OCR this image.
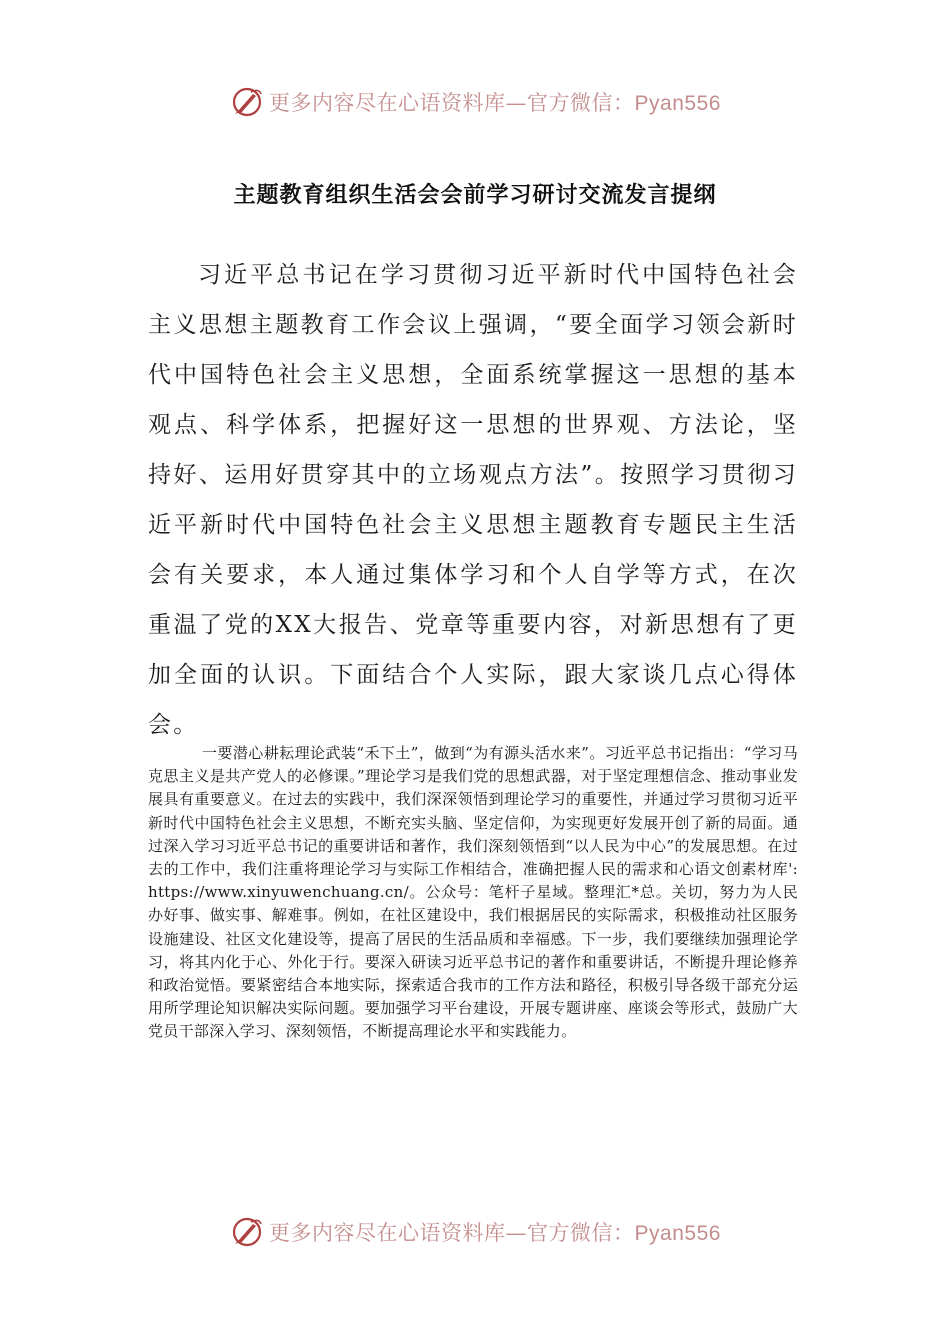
更多内容尽在心语资料库—官方微信：Pyan556
主题教育组织生活会会前学习研讨交流发言提纲

习近平总书记在学习贯彻习近平新时代中国特色社会主义思想主题教育工作会议上强调，“要全面学习领会新时代中国特色社会主义思想，全面系统掌握这一思想的基本观点、科学体系，把握好这一思想的世界观、方法论，坚持好、运用好贯穿其中的立场观点方法”。按照学习贯彻习近平新时代中国特色社会主义思想主题教育专题民主生活会有关要求，本人通过集体学习和个人自学等方式，在次重温了党的XX大报告、党章等重要内容，对新思想有了更加全面的认识。下面结合个人实际，跟大家谈几点心得体会。

一要潜心耕耘理论武装“禾下土”，做到“为有源头活水来”。习近平总书记指出：“学习马克思主义是共产党人的必修课。”理论学习是我们党的思想武器，对于坚定理想信念、推动事业发展具有重要意义。在过去的实践中，我们深深领悟到理论学习的重要性，并通过学习贯彻习近平新时代中国特色社会主义思想，不断充实头脑、坚定信仰，为实现更好发展开创了新的局面。通过深入学习习近平总书记的重要讲话和著作，我们深刻领悟到“以人民为中心”的发展思想。在过去的工作中，我们注重将理论学习与实际工作相结合，准确把握人民的需求和心语文创素材库': https://www.xinyuwenchuang.cn/。公众号：笔杆子星域。整理汇*总。关切，努力为人民办好事、做实事、解难事。例如，在社区建设中，我们根据居民的实际需求，积极推动社区服务设施建设、社区文化建设等，提高了居民的生活品质和幸福感。下一步，我们要继续加强理论学习，将其内化于心、外化于行。要深入研读习近平总书记的著作和重要讲话，不断提升理论修养和政治觉悟。要紧密结合本地实际，探索适合我市的工作方法和路径，积极引导各级干部充分运用所学理论知识解决实际问题。要加强学习平台建设，开展专题讲座、座谈会等形式，鼓励广大党员干部深入学习、深刻领悟，不断提高理论水平和实践能力。

更多内容尽在心语资料库—官方微信：Pyan556
